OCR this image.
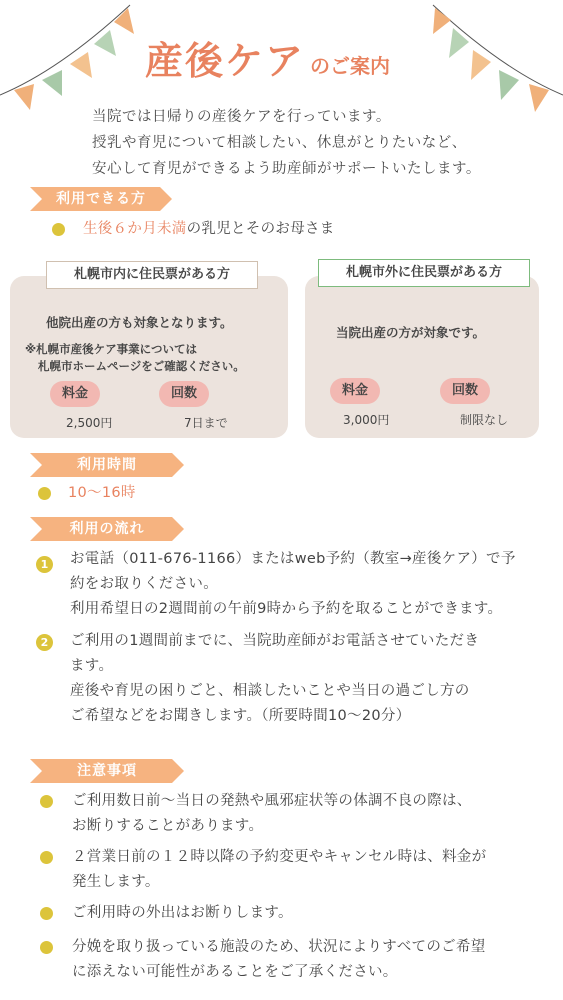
産後ケア のご案内
当院では日帰りの産後ケアを行っています。
授乳や育児について相談したい、休息がとりたいなど、
安心して育児ができるよう助産師がサポートいたします。
利用できる方
生後６か月未満の乳児とそのお母さま
札幌市内に住民票がある方
他院出産の方も対象となります。
※札幌市産後ケア事業については
札幌市ホームページをご確認ください。
料金	回数
2,500円	7日まで
札幌市外に住民票がある方
当院出産の方が対象です。
料金	回数
3,000円	制限なし
利用時間
10〜16時
利用の流れ
1	お電話（011-676-1166）またはweb予約（教室→産後ケア）で予
約をお取りください。
利用希望日の2週間前の午前9時から予約を取ることができます。
2	ご利用の1週間前までに、当院助産師がお電話させていただき
ます。
産後や育児の困りごと、相談したいことや当日の過ごし方の
ご希望などをお聞きします。（所要時間10〜20分）
注意事項
ご利用数日前〜当日の発熱や風邪症状等の体調不良の際は、
お断りすることがあります。
２営業日前の１２時以降の予約変更やキャンセル時は、料金が
発生します。
ご利用時の外出はお断りします。
分娩を取り扱っている施設のため、状況によりすべてのご希望
に添えない可能性があることをご了承ください。
